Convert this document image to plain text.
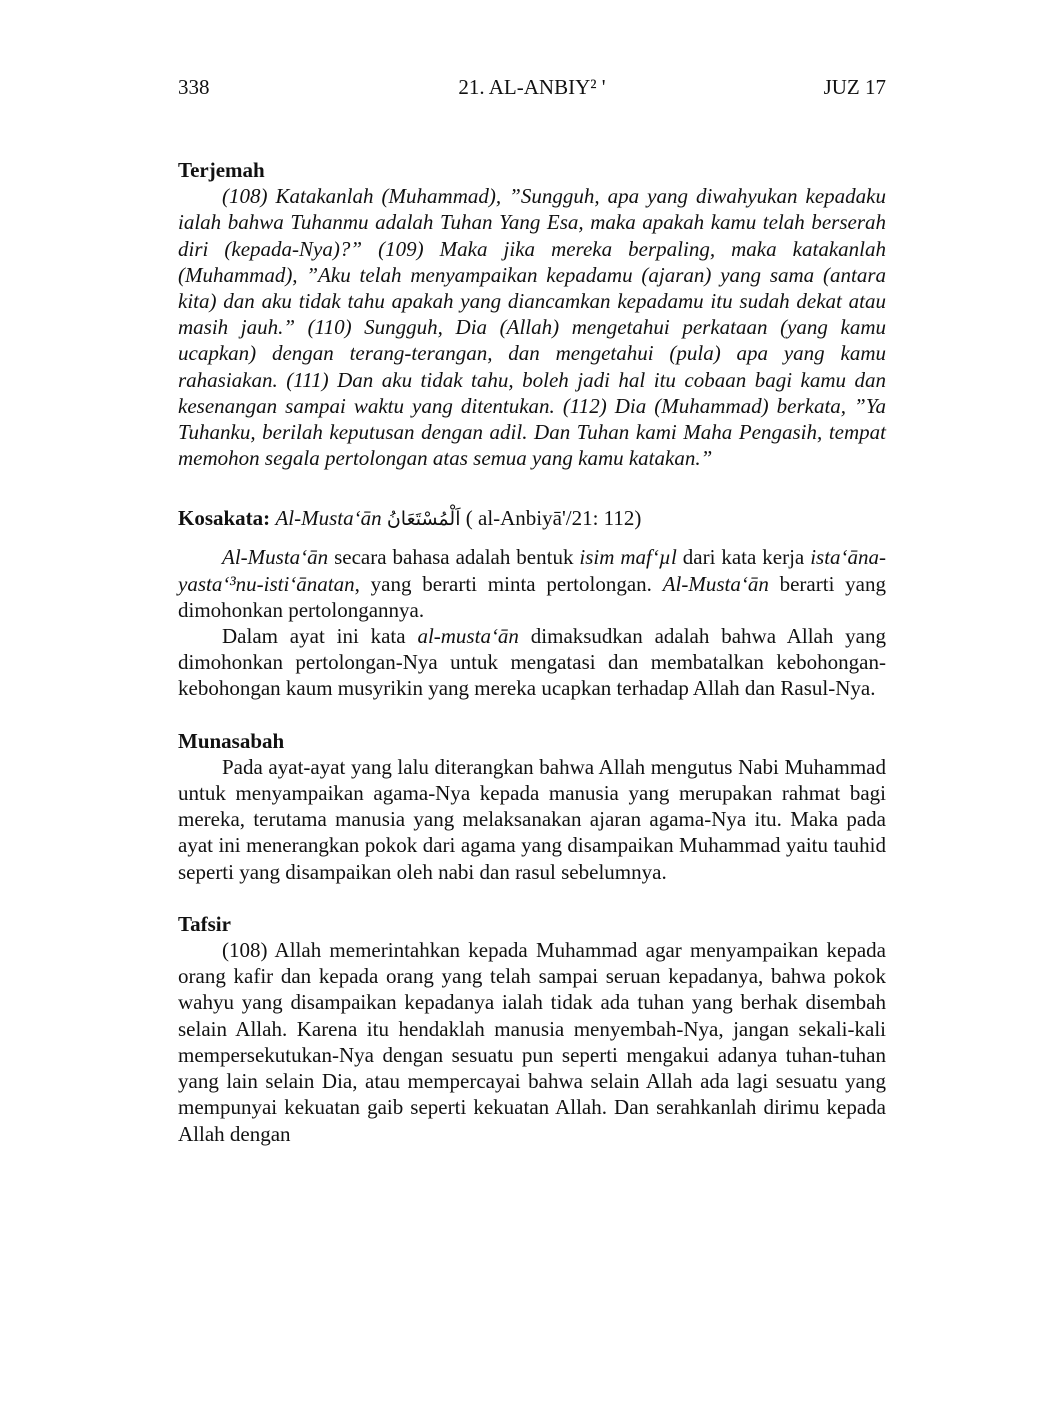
338	21. AL-ANBIY² '	JUZ 17
Terjemah

(108) Katakanlah (Muhammad), ”Sungguh, apa yang diwahyukan kepadaku ialah bahwa Tuhanmu adalah Tuhan Yang Esa, maka apakah kamu telah berserah diri (kepada-Nya)?” (109) Maka jika mereka berpaling, maka katakanlah (Muhammad), ”Aku telah menyampaikan kepadamu (ajaran) yang sama (antara kita) dan aku tidak tahu apakah yang diancamkan kepadamu itu sudah dekat atau masih jauh.” (110) Sungguh, Dia (Allah) mengetahui perkataan (yang kamu ucapkan) dengan terang-terangan, dan mengetahui (pula) apa yang kamu rahasiakan. (111) Dan aku tidak tahu, boleh jadi hal itu cobaan bagi kamu dan kesenangan sampai waktu yang ditentukan. (112) Dia (Muhammad) berkata, ”Ya Tuhanku, berilah keputusan dengan adil. Dan Tuhan kami Maha Pengasih, tempat memohon segala pertolongan atas semua yang kamu katakan.”

Kosakata: Al-Musta‘ān اَلْمُسْتَعَانُ ( al-Anbiyā'/21: 112)

Al-Musta‘ān secara bahasa adalah bentuk isim maf‘µl dari kata kerja ista‘āna-yasta‘³nu-isti‘ānatan, yang berarti minta pertolongan. Al-Musta‘ān berarti yang dimohonkan pertolongannya.

Dalam ayat ini kata al-musta‘ān dimaksudkan adalah bahwa Allah yang dimohonkan pertolongan-Nya untuk mengatasi dan membatalkan kebohongan-kebohongan kaum musyrikin yang mereka ucapkan terhadap Allah dan Rasul-Nya.

Munasabah

Pada ayat-ayat yang lalu diterangkan bahwa Allah mengutus Nabi Muhammad untuk menyampaikan agama-Nya kepada manusia yang merupakan rahmat bagi mereka, terutama manusia yang melaksanakan ajaran agama-Nya itu. Maka pada ayat ini menerangkan pokok dari agama yang disampaikan Muhammad yaitu tauhid seperti yang disampaikan oleh nabi dan rasul sebelumnya.

Tafsir

(108) Allah memerintahkan kepada Muhammad agar menyampaikan kepada orang kafir dan kepada orang yang telah sampai seruan kepadanya, bahwa pokok wahyu yang disampaikan kepadanya ialah tidak ada tuhan yang berhak disembah selain Allah. Karena itu hendaklah manusia menyembah-Nya, jangan sekali-kali mempersekutukan-Nya dengan sesuatu pun seperti mengakui adanya tuhan-tuhan yang lain selain Dia, atau mempercayai bahwa selain Allah ada lagi sesuatu yang mempunyai kekuatan gaib seperti kekuatan Allah. Dan serahkanlah dirimu kepada Allah dengan
